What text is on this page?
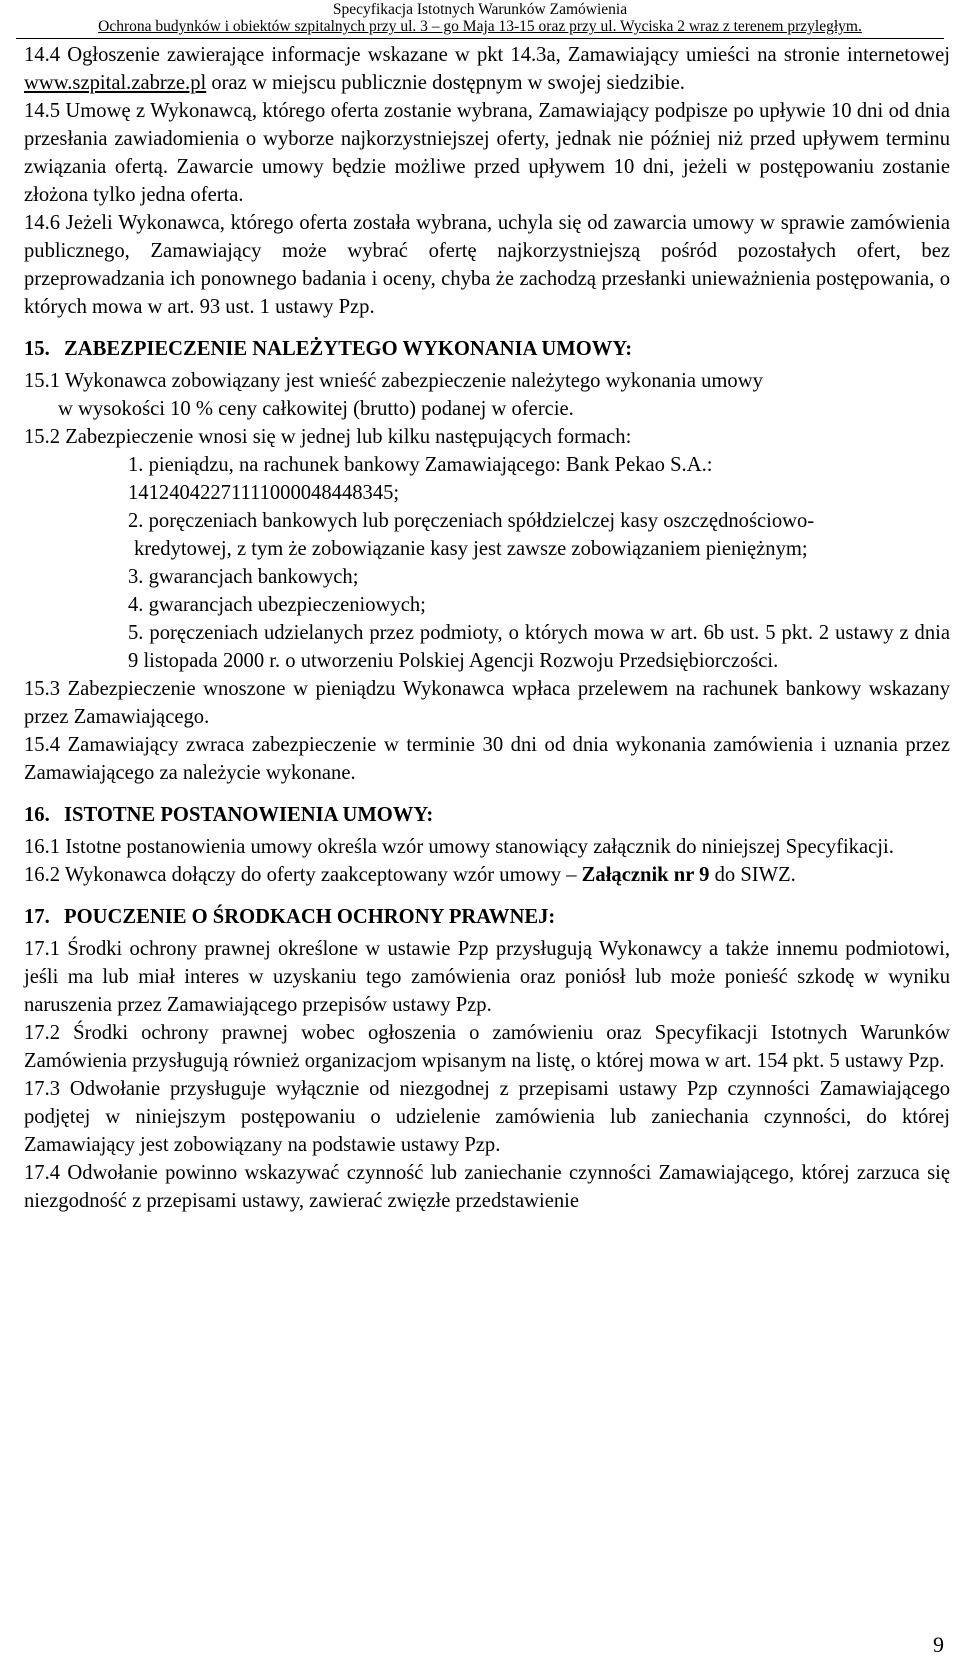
Specyfikacja Istotnych Warunków Zamówienia
Ochrona budynków i obiektów szpitalnych przy ul. 3 – go Maja 13-15 oraz przy ul. Wyciska 2 wraz z terenem przyległym.

14.4 Ogłoszenie zawierające informacje wskazane w pkt 14.3a, Zamawiający umieści na stronie internetowej www.szpital.zabrze.pl oraz w miejscu publicznie dostępnym w swojej siedzibie.

14.5 Umowę z Wykonawcą, którego oferta zostanie wybrana, Zamawiający podpisze po upływie 10 dni od dnia przesłania zawiadomienia o wyborze najkorzystniejszej oferty, jednak nie później niż przed upływem terminu związania ofertą. Zawarcie umowy będzie możliwe przed upływem 10 dni, jeżeli w postępowaniu zostanie złożona tylko jedna oferta.

14.6 Jeżeli Wykonawca, którego oferta została wybrana, uchyla się od zawarcia umowy w sprawie zamówienia publicznego, Zamawiający może wybrać ofertę najkorzystniejszą pośród pozostałych ofert, bez przeprowadzania ich ponownego badania i oceny, chyba że zachodzą przesłanki unieważnienia postępowania, o których mowa w art. 93 ust. 1 ustawy Pzp.

15. ZABEZPIECZENIE NALEŻYTEGO WYKONANIA UMOWY:

15.1 Wykonawca zobowiązany jest wnieść zabezpieczenie należytego wykonania umowy
w wysokości 10 % ceny całkowitej (brutto) podanej w ofercie.

15.2 Zabezpieczenie wnosi się w jednej lub kilku następujących formach:

1. pieniądzu, na rachunek bankowy Zamawiającego: Bank Pekao S.A.:
14124042271111000048448345;
2. poręczeniach bankowych lub poręczeniach spółdzielczej kasy oszczędnościowo-
kredytowej, z tym że zobowiązanie kasy jest zawsze zobowiązaniem pieniężnym;
3. gwarancjach bankowych;
4. gwarancjach ubezpieczeniowych;
5. poręczeniach udzielanych przez podmioty, o których mowa w art. 6b ust. 5 pkt. 2 ustawy z dnia 9 listopada 2000 r. o utworzeniu Polskiej Agencji Rozwoju Przedsiębiorczości.

15.3 Zabezpieczenie wnoszone w pieniądzu Wykonawca wpłaca przelewem na rachunek bankowy wskazany przez Zamawiającego.

15.4 Zamawiający zwraca zabezpieczenie w terminie 30 dni od dnia wykonania zamówienia i uznania przez Zamawiającego za należycie wykonane.

16. ISTOTNE POSTANOWIENIA UMOWY:

16.1 Istotne postanowienia umowy określa wzór umowy stanowiący załącznik do niniejszej Specyfikacji.

16.2 Wykonawca dołączy do oferty zaakceptowany wzór umowy – Załącznik nr 9 do SIWZ.

17. POUCZENIE O ŚRODKACH OCHRONY PRAWNEJ:

17.1 Środki ochrony prawnej określone w ustawie Pzp przysługują Wykonawcy a także innemu podmiotowi, jeśli ma lub miał interes w uzyskaniu tego zamówienia oraz poniósł lub może ponieść szkodę w wyniku naruszenia przez Zamawiającego przepisów ustawy Pzp.

17.2 Środki ochrony prawnej wobec ogłoszenia o zamówieniu oraz Specyfikacji Istotnych Warunków Zamówienia przysługują również organizacjom wpisanym na listę, o której mowa w art. 154 pkt. 5 ustawy Pzp.

17.3 Odwołanie przysługuje wyłącznie od niezgodnej z przepisami ustawy Pzp czynności Zamawiającego podjętej w niniejszym postępowaniu o udzielenie zamówienia lub zaniechania czynności, do której Zamawiający jest zobowiązany na podstawie ustawy Pzp.

17.4 Odwołanie powinno wskazywać czynność lub zaniechanie czynności Zamawiającego, której zarzuca się niezgodność z przepisami ustawy, zawierać zwięzłe przedstawienie

9
